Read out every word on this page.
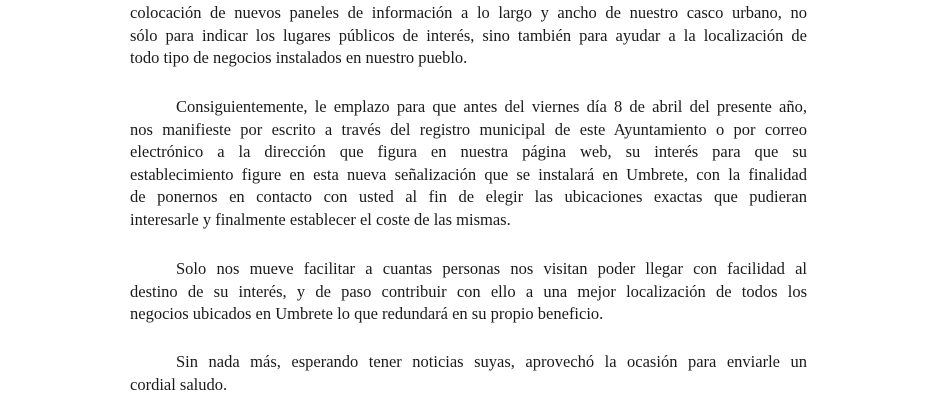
colocación de nuevos paneles de información a lo largo y ancho de nuestro casco urbano, no
sólo para indicar los lugares públicos de interés, sino también para ayudar a la localización de
todo tipo de negocios instalados en nuestro pueblo.
Consiguientemente, le emplazo para que antes del viernes día 8 de abril del presente año,
nos manifieste por escrito a través del registro municipal de este Ayuntamiento o por correo
electrónico a la dirección que figura en nuestra página web, su interés para que su
establecimiento figure en esta nueva señalización que se instalará en Umbrete, con la finalidad
de ponernos en contacto con usted al fin de elegir las ubicaciones exactas que pudieran
interesarle y finalmente establecer el coste de las mismas.
Solo nos mueve facilitar a cuantas personas nos visitan poder llegar con facilidad al
destino de su interés, y de paso contribuir con ello a una mejor localización de todos los
negocios ubicados en Umbrete lo que redundará en su propio beneficio.
Sin nada más, esperando tener noticias suyas, aprovechó la ocasión para enviarle un
cordial saludo.
